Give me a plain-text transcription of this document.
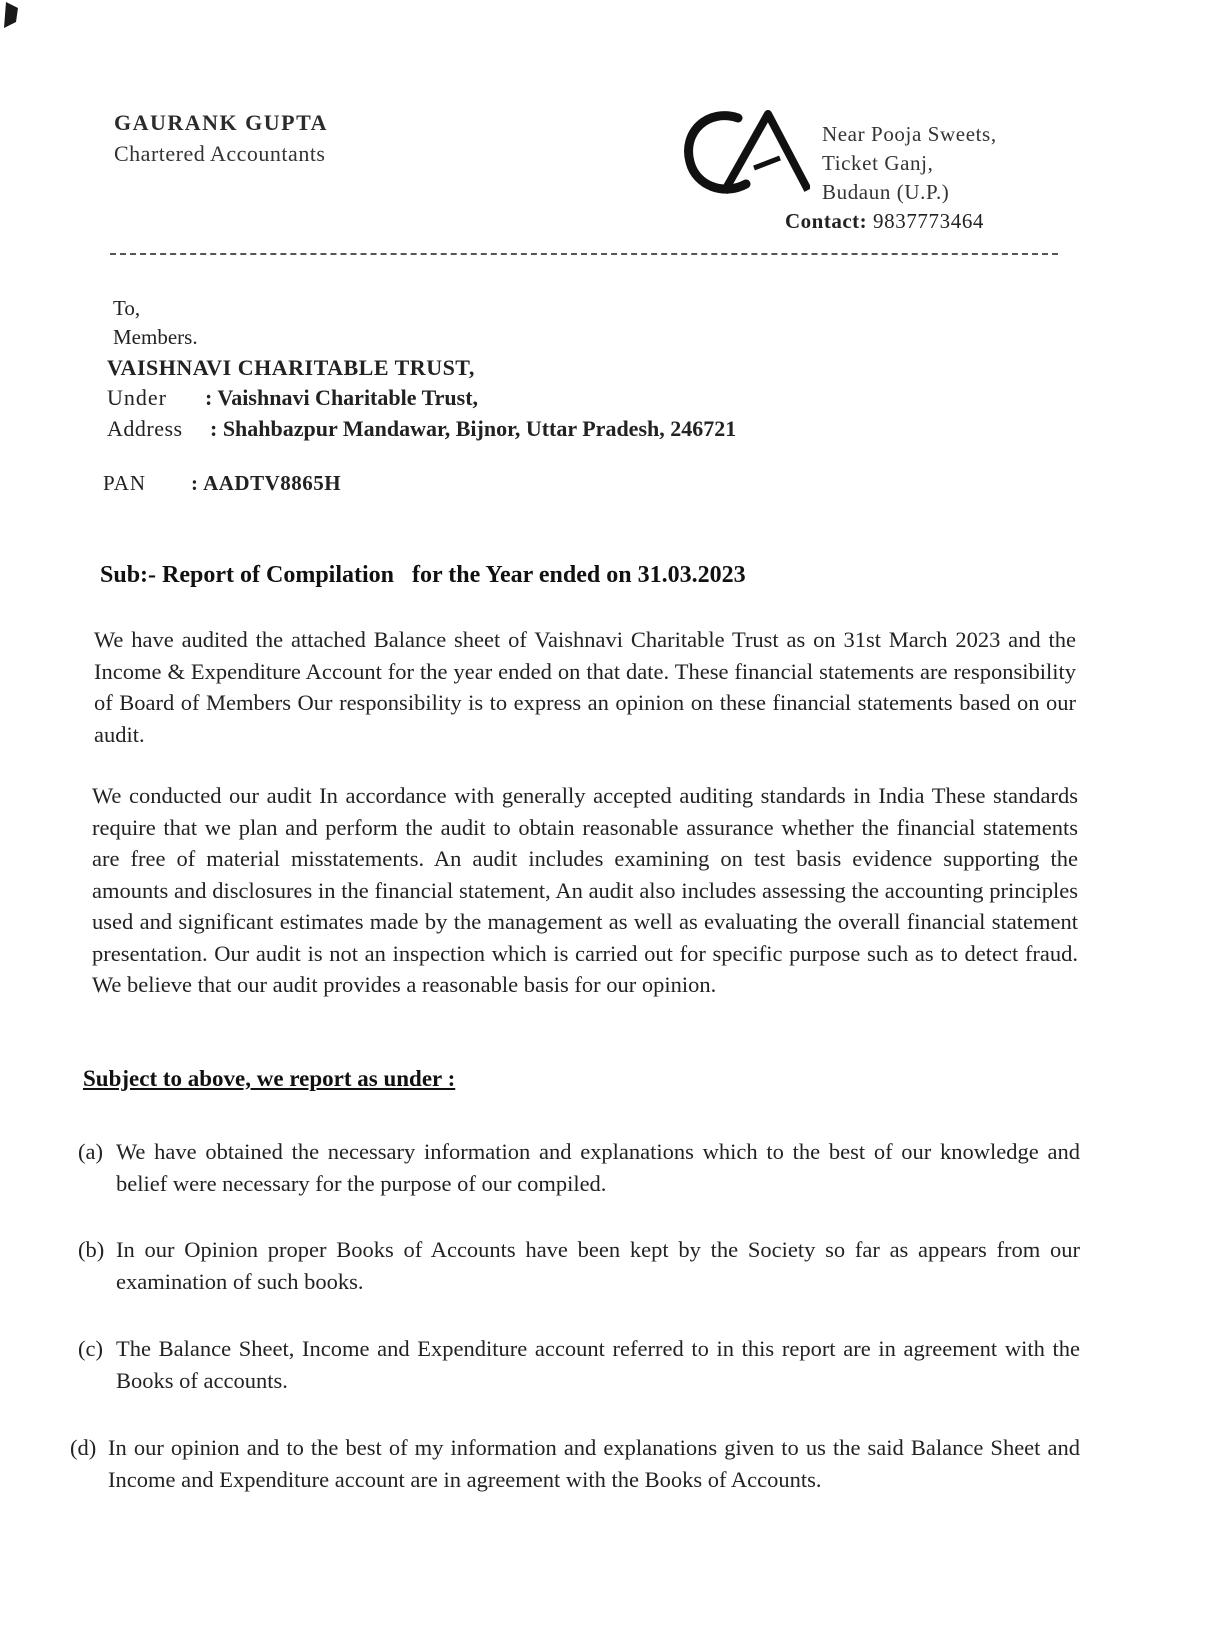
GAURANK GUPTA
Chartered Accountants
Near Pooja Sweets,
Ticket Ganj,
Budaun (U.P.)
Contact: 9837773464
To,
Members.
VAISHNAVI CHARITABLE TRUST,
Under : Vaishnavi Charitable Trust,
Address : Shahbazpur Mandawar, Bijnor, Uttar Pradesh, 246721
PAN : AADTV8865H
Sub:- Report of Compilation   for the Year ended on 31.03.2023

We have audited the attached Balance sheet of Vaishnavi Charitable Trust as on 31st March 2023 and the Income & Expenditure Account for the year ended on that date. These financial statements are responsibility of Board of Members Our responsibility is to express an opinion on these financial statements based on our audit.

We conducted our audit In accordance with generally accepted auditing standards in India These standards require that we plan and perform the audit to obtain reasonable assurance whether the financial statements are free of material misstatements. An audit includes examining on test basis evidence supporting the amounts and disclosures in the financial statement, An audit also includes assessing the accounting principles used and significant estimates made by the management as well as evaluating the overall financial statement presentation. Our audit is not an inspection which is carried out for specific purpose such as to detect fraud. We believe that our audit provides a reasonable basis for our opinion.

Subject to above, we report as under :
(a) We have obtained the necessary information and explanations which to the best of our knowledge and belief were necessary for the purpose of our compiled.
(b) In our Opinion proper Books of Accounts have been kept by the Society so far as appears from our examination of such books.
(c) The Balance Sheet, Income and Expenditure account referred to in this report are in agreement with the Books of accounts.
(d) In our opinion and to the best of my information and explanations given to us the said Balance Sheet and Income and Expenditure account are in agreement with the Books of Accounts.
